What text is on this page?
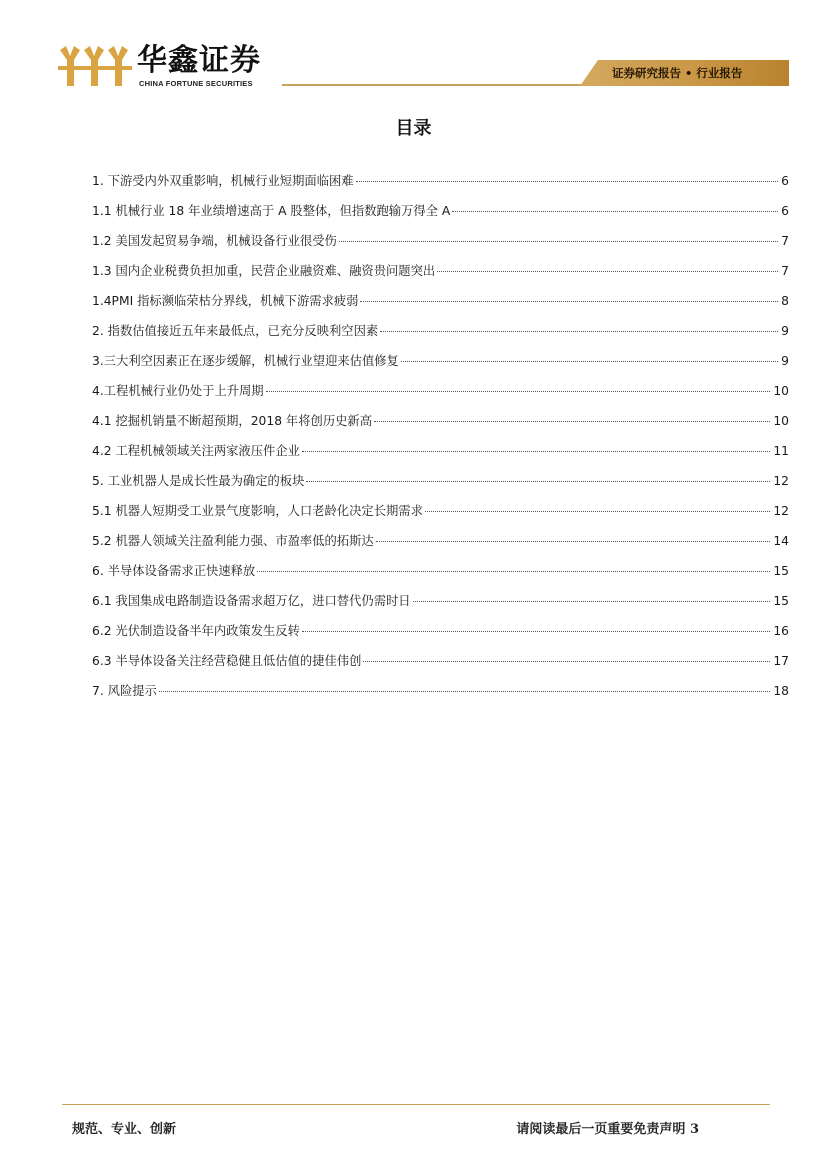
华鑫证券
CHINA FORTUNE SECURITIES
证券研究报告 • 行业报告
目录
1. 下游受内外双重影响，机械行业短期面临困难	6
1.1 机械行业 18 年业绩增速高于 A 股整体，但指数跑输万得全 A	6
1.2 美国发起贸易争端，机械设备行业很受伤	7
1.3 国内企业税费负担加重，民营企业融资难、融资贵问题突出	7
1.4PMI 指标濒临荣枯分界线，机械下游需求疲弱	8
2. 指数估值接近五年来最低点，已充分反映利空因素	9
3.三大利空因素正在逐步缓解，机械行业望迎来估值修复	9
4.工程机械行业仍处于上升周期	10
4.1 挖掘机销量不断超预期，2018 年将创历史新高	10
4.2 工程机械领域关注两家液压件企业	11
5. 工业机器人是成长性最为确定的板块	12
5.1 机器人短期受工业景气度影响，人口老龄化决定长期需求	12
5.2 机器人领域关注盈利能力强、市盈率低的拓斯达	14
6. 半导体设备需求正快速释放	15
6.1 我国集成电路制造设备需求超万亿，进口替代仍需时日	15
6.2 光伏制造设备半年内政策发生反转	16
6.3 半导体设备关注经营稳健且低估值的捷佳伟创	17
7. 风险提示	18
规范、专业、创新	请阅读最后一页重要免责声明 3
